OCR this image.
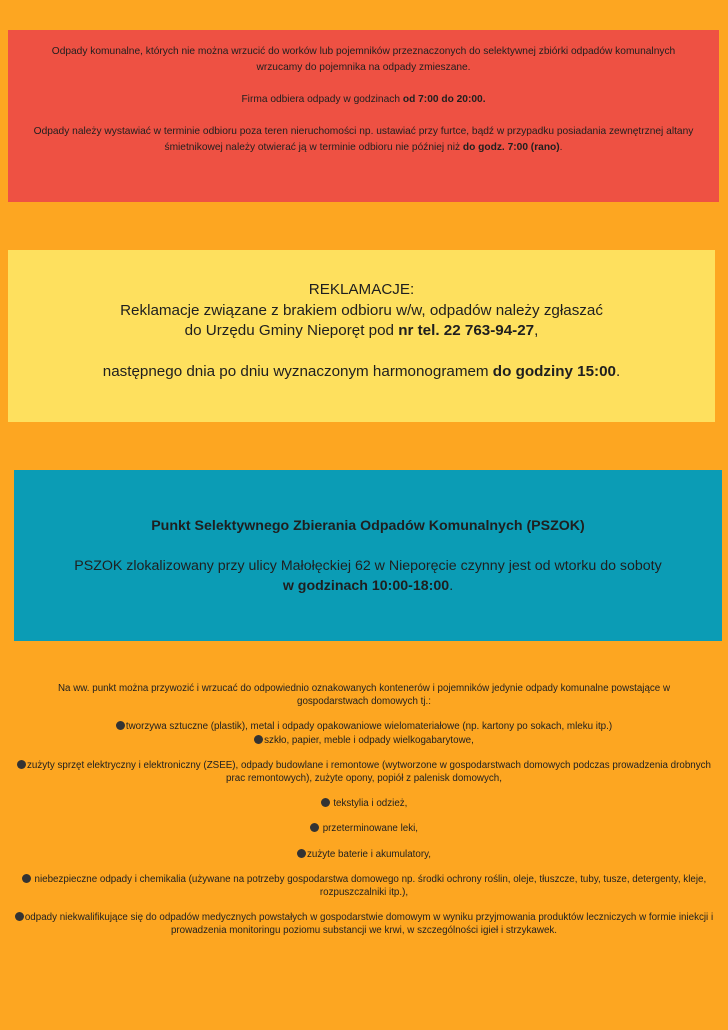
Odpady komunalne, których nie można wrzucić do worków lub pojemników przeznaczonych do selektywnej zbiórki odpadów komunalnych wrzucamy do pojemnika na odpady zmieszane.

Firma odbiera odpady w godzinach od 7:00 do 20:00.

Odpady należy wystawiać w terminie odbioru poza teren nieruchomości np. ustawiać przy furtce, bądź w przypadku posiadania zewnętrznej altany śmietnikowej należy otwierać ją w terminie odbioru nie później niż do godz. 7:00 (rano).

REKLAMACJE:

Reklamacje związane z brakiem odbioru w/w, odpadów należy zgłaszać

do Urzędu Gminy Nieporęt pod nr tel. 22 763-94-27,

następnego dnia po dniu wyznaczonym harmonogramem do godziny 15:00.

Punkt Selektywnego Zbierania Odpadów Komunalnych (PSZOK)

PSZOK zlokalizowany przy ulicy Małołęckiej 62 w Nieporęcie czynny jest od wtorku do soboty

w godzinach 10:00-18:00.

Na ww. punkt można przywozić i wrzucać do odpowiednio oznakowanych kontenerów i pojemników jedynie odpady komunalne powstające w gospodarstwach domowych tj.:

tworzywa sztuczne (plastik), metal i odpady opakowaniowe wielomateriałowe (np. kartony po sokach, mleku itp.)

szkło, papier, meble i odpady wielkogabarytowe,

zużyty sprzęt elektryczny i elektroniczny (ZSEE), odpady budowlane i remontowe (wytworzone w gospodarstwach domowych podczas prowadzenia drobnych prac remontowych), zużyte opony, popiół z palenisk domowych,

tekstylia i odzież,

przeterminowane leki,

zużyte baterie i akumulatory,

niebezpieczne odpady i chemikalia (używane na potrzeby gospodarstwa domowego np. środki ochrony roślin, oleje, tłuszcze, tuby, tusze, detergenty, kleje, rozpuszczalniki itp.),

odpady niekwalifikujące się do odpadów medycznych powstałych w gospodarstwie domowym w wyniku przyjmowania produktów leczniczych w formie iniekcji i prowadzenia monitoringu poziomu substancji we krwi, w szczególności igieł i strzykawek.
